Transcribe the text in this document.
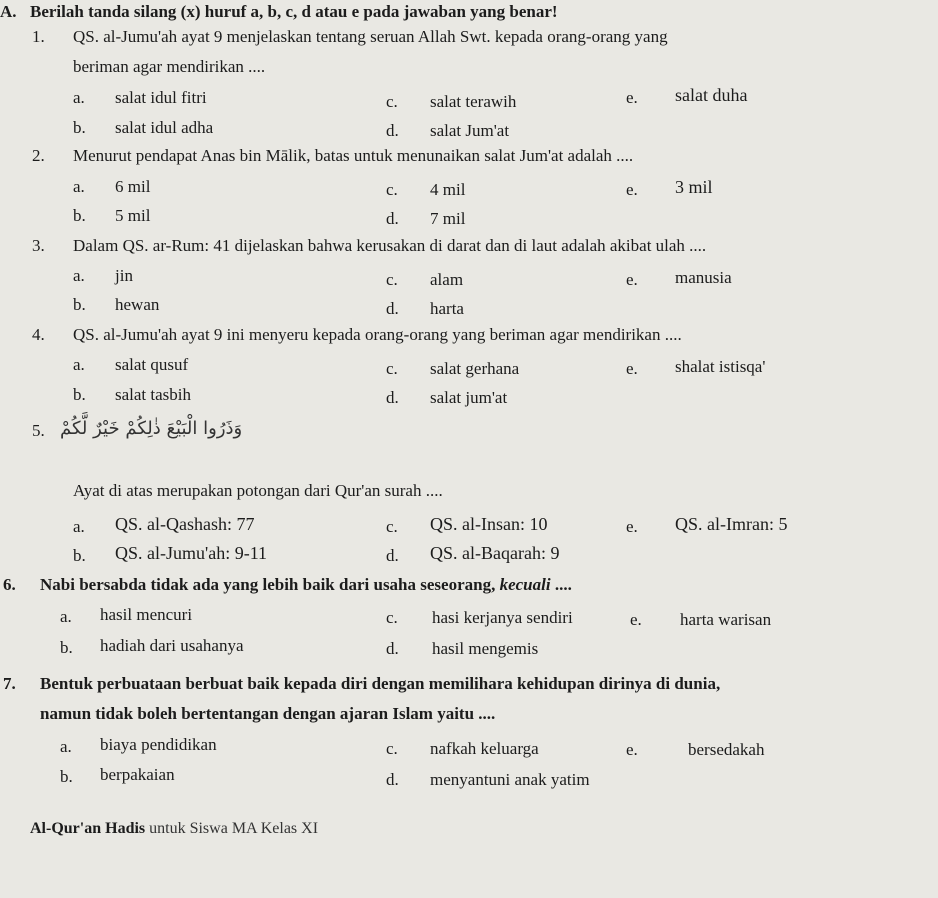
A. Berilah tanda silang (x) huruf a, b, c, d atau e pada jawaban yang benar!
1. QS. al-Jumu'ah ayat 9 menjelaskan tentang seruan Allah Swt. kepada orang-orang yang
beriman agar mendirikan ....
a. salat idul fitri
b. salat idul adha
c. salat terawih
d. salat Jum'at
e. salat duha
2. Menurut pendapat Anas bin Mālik, batas untuk menunaikan salat Jum'at adalah ....
a. 6 mil
b. 5 mil
c. 4 mil
d. 7 mil
e. 3 mil
3. Dalam QS. ar-Rum: 41 dijelaskan bahwa kerusakan di darat dan di laut adalah akibat ulah ....
a. jin
b. hewan
c. alam
d. harta
e. manusia
4. QS. al-Jumu'ah ayat 9 ini menyeru kepada orang-orang yang beriman agar mendirikan ....
a. salat qusuf
b. salat tasbih
c. salat gerhana
d. salat jum'at
e. shalat istisqa'
5. وَذَرُوا الْبَيْعَ ذٰلِكُمْ خَيْرٌ لَّكُمْ
Ayat di atas merupakan potongan dari Qur'an surah ....
a. QS. al-Qashash: 77
b. QS. al-Jumu'ah: 9-11
c. QS. al-Insan: 10
d. QS. al-Baqarah: 9
e. QS. al-Imran: 5
6. Nabi bersabda tidak ada yang lebih baik dari usaha seseorang, kecuali ....
a. hasil mencuri
b. hadiah dari usahanya
c. hasi kerjanya sendiri
d. hasil mengemis
e. harta warisan
7. Bentuk perbuataan berbuat baik kepada diri dengan memilihara kehidupan dirinya di dunia,
namun tidak boleh bertentangan dengan ajaran Islam yaitu ....
a. biaya pendidikan
b. berpakaian
c. nafkah keluarga
d. menyantuni anak yatim
e.	bersedakah
Al-Qur'an Hadis untuk Siswa MA Kelas XI
